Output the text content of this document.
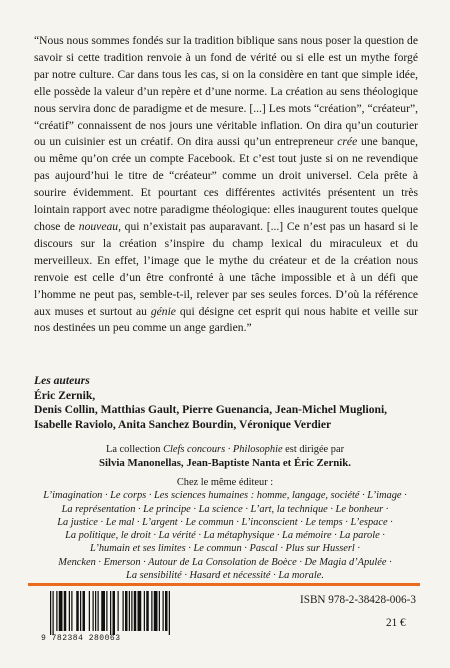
“Nous nous sommes fondés sur la tradition biblique sans nous poser la question de savoir si cette tradition renvoie à un fond de vérité ou si elle est un mythe forgé par notre culture. Car dans tous les cas, si on la considère en tant que simple idée, elle possède la valeur d’un repère et d’une norme. La création au sens théologique nous servira donc de paradigme et de mesure. [...] Les mots “création”, “créateur”, “créatif” connaissent de nos jours une véritable inflation. On dira qu’un couturier ou un cuisinier est un créatif. On dira aussi qu’un entrepreneur crée une banque, ou même qu’on crée un compte Facebook. Et c’est tout juste si on ne revendique pas aujourd’hui le titre de “créateur” comme un droit universel. Cela prête à sourire évidemment. Et pourtant ces différentes activités présentent un très lointain rapport avec notre paradigme théologique: elles inaugurent toutes quelque chose de nouveau, qui n’existait pas auparavant. [...] Ce n’est pas un hasard si le discours sur la création s’inspire du champ lexical du miraculeux et du merveilleux. En effet, l’image que le mythe du créateur et de la création nous renvoie est celle d’un être confronté à une tâche impossible et à un défi que l’homme ne peut pas, semble-t-il, relever par ses seules forces. D’où la référence aux muses et surtout au génie qui désigne cet esprit qui nous habite et veille sur nos destinées un peu comme un ange gardien.”

Les auteurs
Éric Zernik,
Denis Collin, Matthias Gault, Pierre Guenancia, Jean-Michel Muglioni,
Isabelle Raviolo, Anita Sanchez Bourdin, Véronique Verdier
La collection Clefs concours · Philosophie est dirigée par
Silvia Manonellas, Jean-Baptiste Nanta et Éric Zernik.
Chez le même éditeur :
L’imagination · Le corps · Les sciences humaines : homme, langage, société · L’image ·
La représentation · Le principe · La science · L’art, la technique · Le bonheur ·
La justice · Le mal · L’argent · Le commun · L’inconscient · Le temps · L’espace ·
La politique, le droit · La vérité · La métaphysique · La mémoire · La parole ·
L’humain et ses limites · Le commun · Pascal · Plus sur Husserl ·
Mencken · Emerson · Autour de La Consolation de Boèce · De Magia d’Apulée ·
La sensibilité · Hasard et nécessité · La morale.
9 782384 280063
ISBN 978-2-38428-006-3
21 €
